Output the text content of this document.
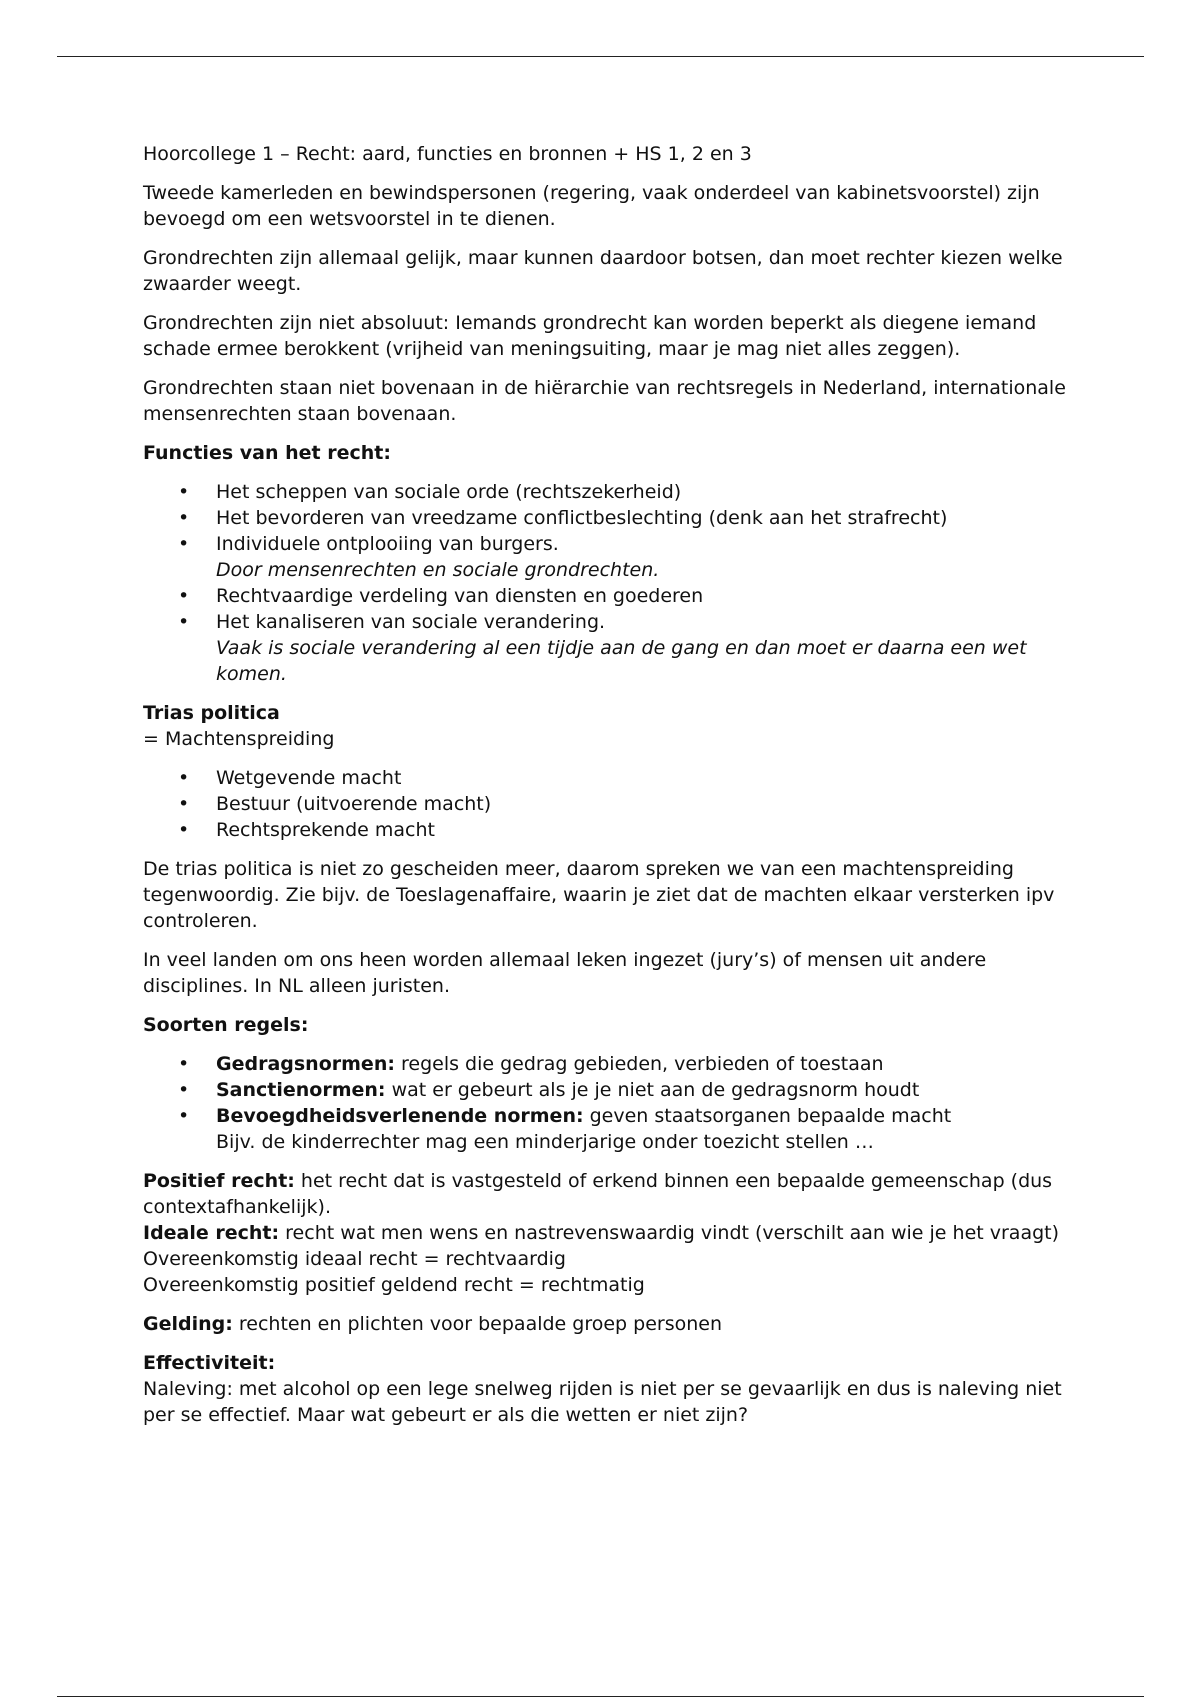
Hoorcollege 1 – Recht: aard, functies en bronnen + HS 1, 2 en 3

Tweede kamerleden en bewindspersonen (regering, vaak onderdeel van kabinetsvoorstel) zijn bevoegd om een wetsvoorstel in te dienen.

Grondrechten zijn allemaal gelijk, maar kunnen daardoor botsen, dan moet rechter kiezen welke zwaarder weegt.

Grondrechten zijn niet absoluut: Iemands grondrecht kan worden beperkt als diegene iemand schade ermee berokkent (vrijheid van meningsuiting, maar je mag niet alles zeggen).

Grondrechten staan niet bovenaan in de hiërarchie van rechtsregels in Nederland, internationale mensenrechten staan bovenaan.

Functies van het recht:

• Het scheppen van sociale orde (rechtszekerheid)
• Het bevorderen van vreedzame conflictbeslechting (denk aan het strafrecht)
• Individuele ontplooiing van burgers.
Door mensenrechten en sociale grondrechten.
• Rechtvaardige verdeling van diensten en goederen
• Het kanaliseren van sociale verandering.
Vaak is sociale verandering al een tijdje aan de gang en dan moet er daarna een wet komen.

Trias politica

= Machtenspreiding

• Wetgevende macht
• Bestuur (uitvoerende macht)
• Rechtsprekende macht

De trias politica is niet zo gescheiden meer, daarom spreken we van een machtenspreiding tegenwoordig. Zie bijv. de Toeslagenaffaire, waarin je ziet dat de machten elkaar versterken ipv controleren.

In veel landen om ons heen worden allemaal leken ingezet (jury’s) of mensen uit andere disciplines. In NL alleen juristen.

Soorten regels:

• Gedragsnormen: regels die gedrag gebieden, verbieden of toestaan
• Sanctienormen: wat er gebeurt als je je niet aan de gedragsnorm houdt
• Bevoegdheidsverlenende normen: geven staatsorganen bepaalde macht
Bijv. de kinderrechter mag een minderjarige onder toezicht stellen …

Positief recht: het recht dat is vastgesteld of erkend binnen een bepaalde gemeenschap (dus contextafhankelijk).

Ideale recht: recht wat men wens en nastrevenswaardig vindt (verschilt aan wie je het vraagt)

Overeenkomstig ideaal recht = rechtvaardig

Overeenkomstig positief geldend recht = rechtmatig

Gelding: rechten en plichten voor bepaalde groep personen

Effectiviteit:

Naleving: met alcohol op een lege snelweg rijden is niet per se gevaarlijk en dus is naleving niet per se effectief. Maar wat gebeurt er als die wetten er niet zijn?
